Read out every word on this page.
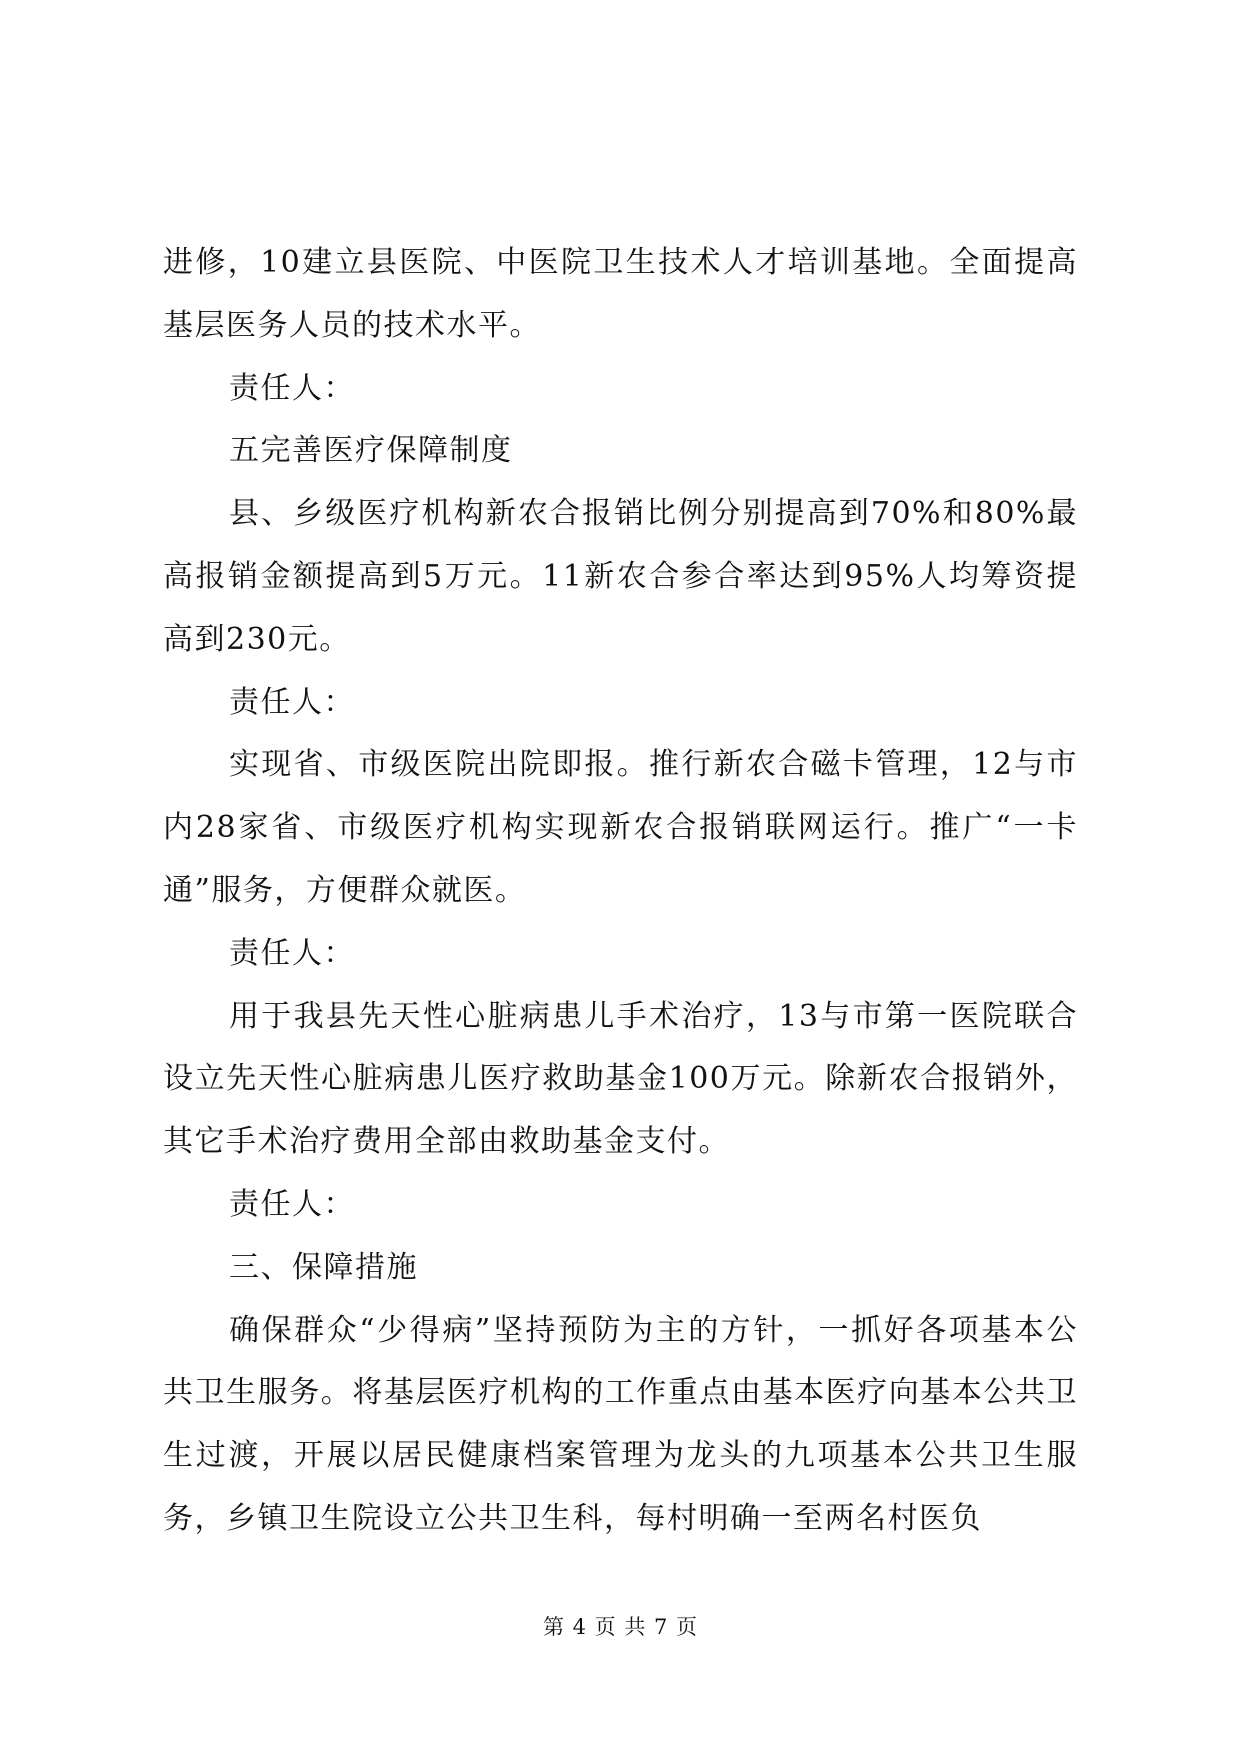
进修，10建立县医院、中医院卫生技术人才培训基地。全面提高基层医务人员的技术水平。

责任人：

五完善医疗保障制度

县、乡级医疗机构新农合报销比例分别提高到70%和80%最高报销金额提高到5万元。11新农合参合率达到95%人均筹资提高到230元。

责任人：

实现省、市级医院出院即报。推行新农合磁卡管理，12与市内28家省、市级医疗机构实现新农合报销联网运行。推广“一卡通”服务，方便群众就医。

责任人：

用于我县先天性心脏病患儿手术治疗，13与市第一医院联合设立先天性心脏病患儿医疗救助基金100万元。除新农合报销外，其它手术治疗费用全部由救助基金支付。

责任人：

三、保障措施

确保群众“少得病”坚持预防为主的方针，一抓好各项基本公共卫生服务。将基层医疗机构的工作重点由基本医疗向基本公共卫生过渡，开展以居民健康档案管理为龙头的九项基本公共卫生服务，乡镇卫生院设立公共卫生科，每村明确一至两名村医负

第 4 页 共 7 页
